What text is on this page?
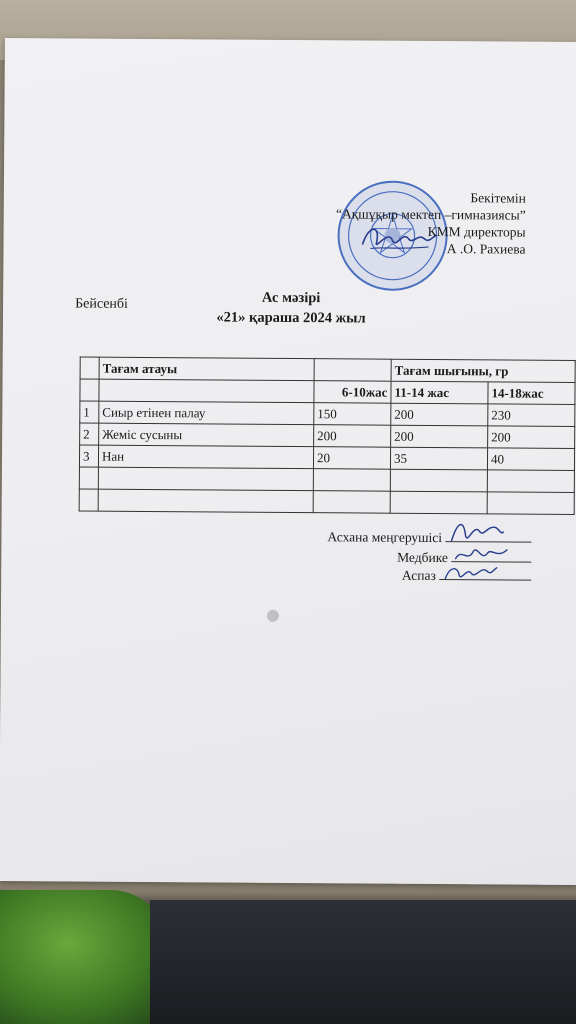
Бекітемін
“Ақшұқыр мектеп –гимназиясы”
КММ директоры
А .О. Рахиева
Бейсенбі	Ас мәзірі
«21» қараша 2024 жыл
	Тағам атауы		Тағам шығыны, гр	
		6-10жас	11-14 жас	14-18жас
1	Сиыр етінен палау	150	200	230
2	Жеміс сусыны	200	200	200
3	Нан	20	35	40

Асхана меңгерушісі
Медбике
Аспаз
